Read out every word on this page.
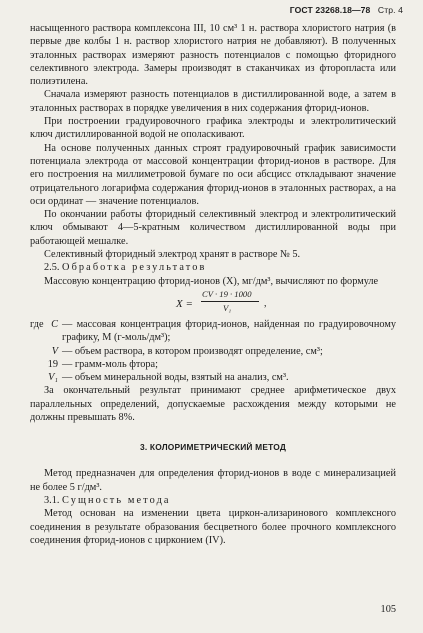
ГОСТ 23268.18—78 Стр. 4

насыщенного раствора комплексона III, 10 см³ 1 н. раствора хлористого натрия (в первые две колбы 1 н. раствор хлористого натрия не добавляют). В полученных эталонных растворах измеряют разность потенциалов с помощью фторидного селективного электрода. Замеры производят в стаканчиках из фторопласта или полиэтилена.

Сначала измеряют разность потенциалов в дистиллированной воде, а затем в эталонных растворах в порядке увеличения в них содержания фторид-ионов.

При построении градуировочного графика электроды и электролитический ключ дистиллированной водой не ополаскивают.

На основе полученных данных строят градуировочный график зависимости потенциала электрода от массовой концентрации фторид-ионов в растворе. Для его построения на миллиметровой бумаге по оси абсцисс откладывают значение отрицательного логарифма содержания фторид-ионов в эталонных растворах, а на оси ординат — значение потенциалов.

По окончании работы фторидный селективный электрод и электролитический ключ обмывают 4—5-кратным количеством дистиллированной воды при работающей мешалке.

Селективный фторидный электрод хранят в растворе № 5.

2.5. Обработка результатов

Массовую концентрацию фторид-ионов (X), мг/дм³, вычисляют по формуле

X =
CV · 19 · 1000
V₁	,
где C — массовая концентрация фторид-ионов, найденная по градуировочному графику, М (г-моль/дм³);
V — объем раствора, в котором производят определение, см³;
19 — грамм-моль фтора;
V₁ — объем минеральной воды, взятый на анализ, см³.

За окончательный результат принимают среднее арифметическое двух параллельных определений, допускаемые расхождения между которыми не должны превышать 8%.

3. КОЛОРИМЕТРИЧЕСКИЙ МЕТОД

Метод предназначен для определения фторид-ионов в воде с минерализацией не более 5 г/дм³.

3.1. Сущность метода

Метод основан на изменении цвета циркон-ализаринового комплексного соединения в результате образования бесцветного более прочного комплексного соединения фторид-ионов с цирконием (IV).

105
